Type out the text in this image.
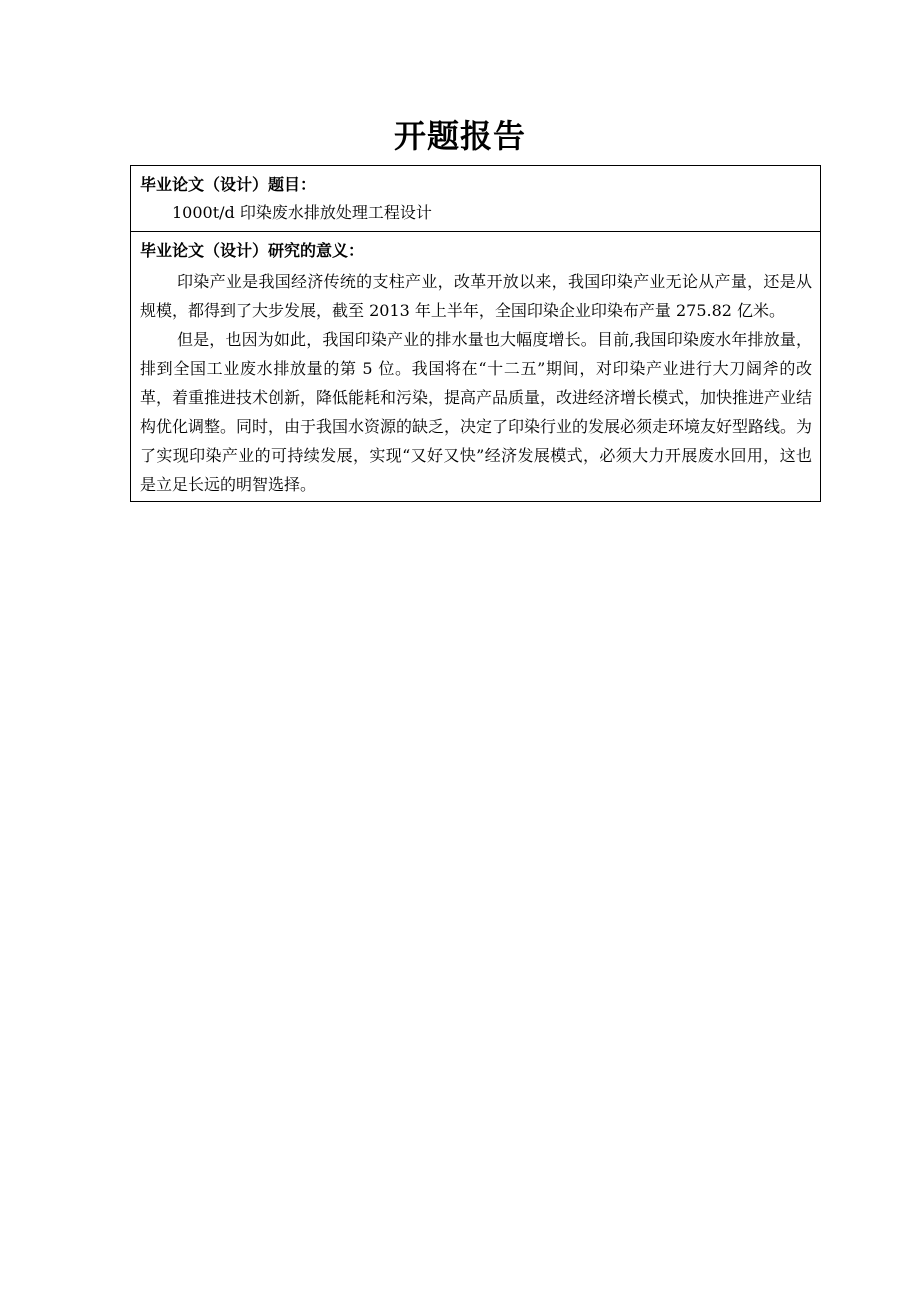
开题报告
毕业论文（设计）题目：
1000t/d 印染废水排放处理工程设计

毕业论文（设计）研究的意义：

印染产业是我国经济传统的支柱产业，改革开放以来，我国印染产业无论从产量，还是从规模，都得到了大步发展，截至 2013 年上半年，全国印染企业印染布产量 275.82 亿米。

但是，也因为如此，我国印染产业的排水量也大幅度增长。目前,我国印染废水年排放量，排到全国工业废水排放量的第 5 位。我国将在“十二五”期间，对印染产业进行大刀阔斧的改革，着重推进技术创新，降低能耗和污染，提高产品质量，改进经济增长模式，加快推进产业结构优化调整。同时，由于我国水资源的缺乏，决定了印染行业的发展必须走环境友好型路线。为了实现印染产业的可持续发展，实现“又好又快”经济发展模式，必须大力开展废水回用，这也是立足长远的明智选择。
